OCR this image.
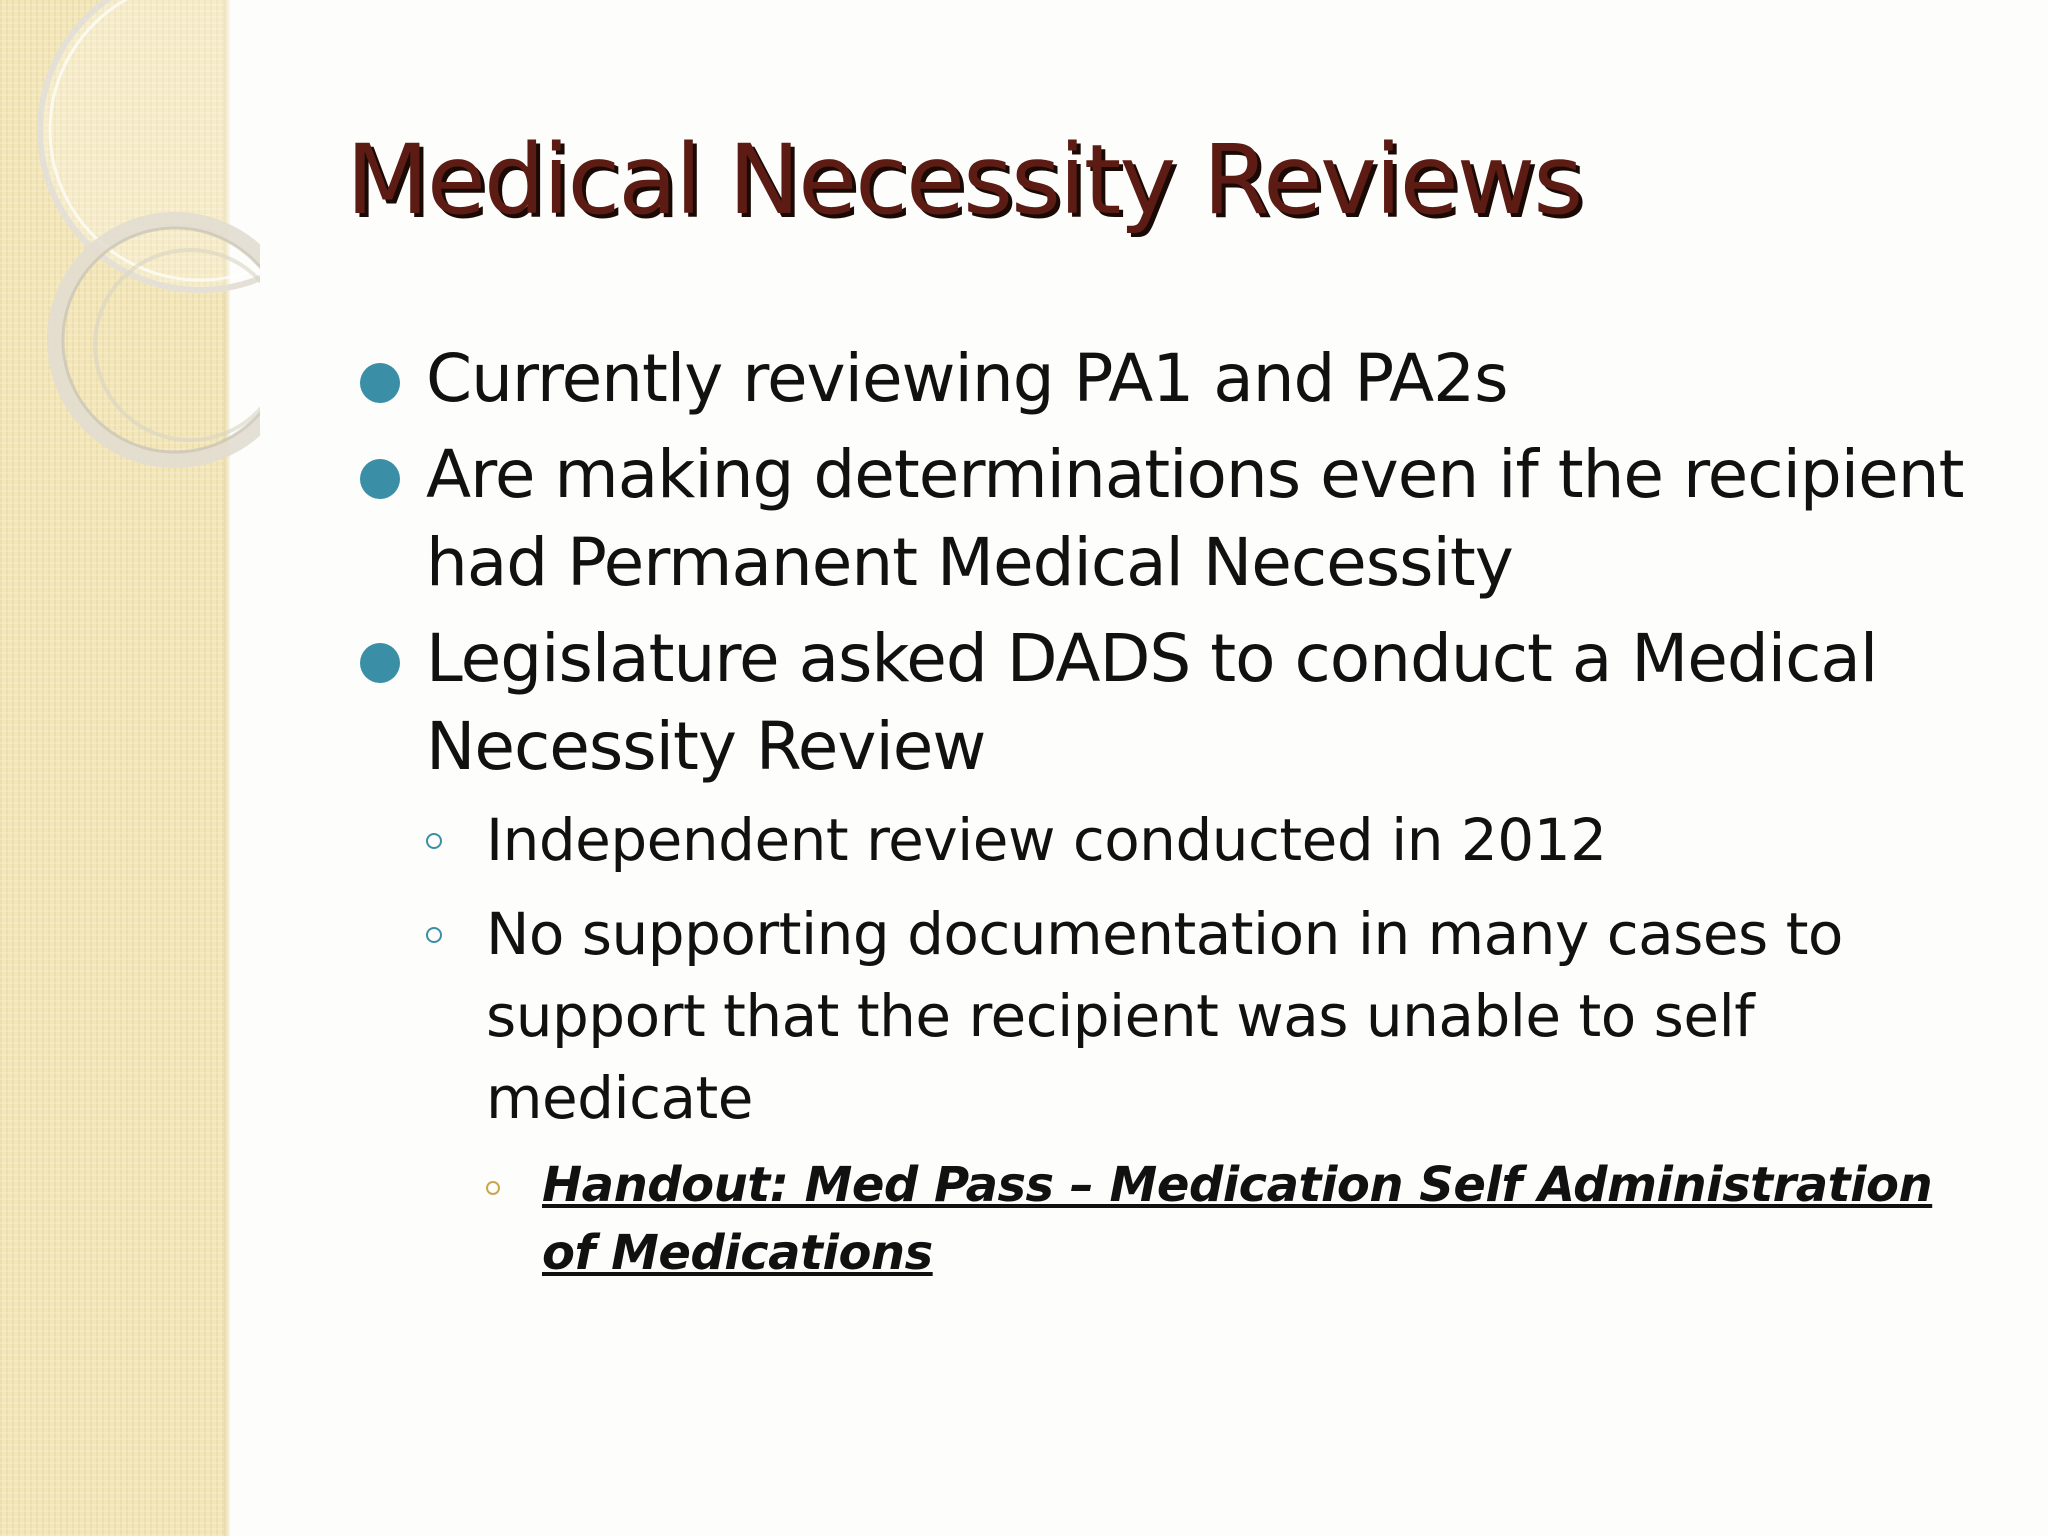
Medical Necessity Reviews
Currently reviewing PA1 and PA2s
Are making determinations even if the recipient had Permanent Medical Necessity
Legislature asked DADS to conduct a Medical Necessity Review
Independent review conducted in 2012
No supporting documentation in many cases to support that the recipient was unable to self medicate
Handout: Med Pass – Medication Self Administration of Medications
